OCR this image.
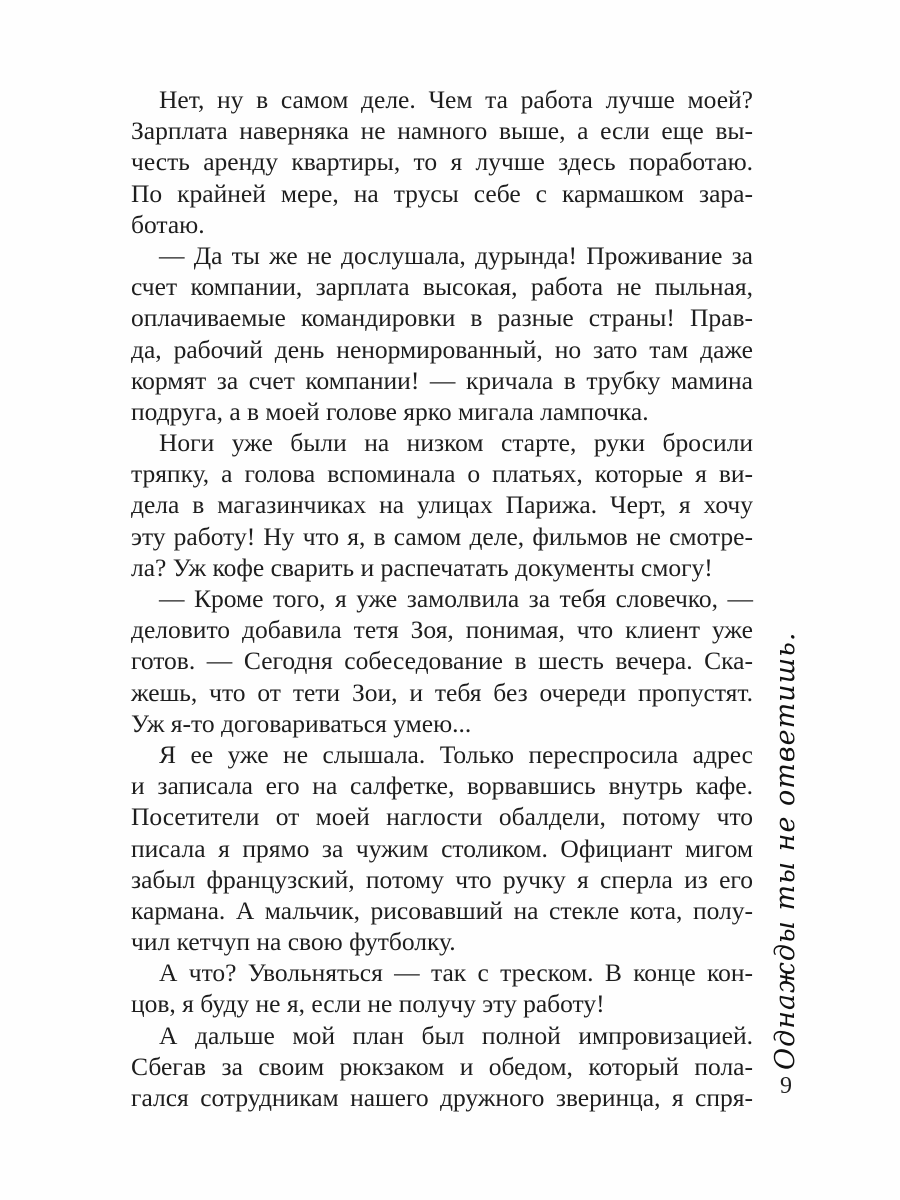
Нет, ну в самом деле. Чем та работа лучше моей?
Зарплата наверняка не намного выше, а если еще вы-
честь аренду квартиры, то я лучше здесь поработаю.
По крайней мере, на трусы себе с кармашком зара-
ботаю.
— Да ты же не дослушала, дурында! Проживание за
счет компании, зарплата высокая, работа не пыльная,
оплачиваемые командировки в разные страны! Прав-
да, рабочий день ненормированный, но зато там даже
кормят за счет компании! — кричала в трубку мамина
подруга, а в моей голове ярко мигала лампочка.
Ноги уже были на низком старте, руки бросили
тряпку, а голова вспоминала о платьях, которые я ви-
дела в магазинчиках на улицах Парижа. Черт, я хочу
эту работу! Ну что я, в самом деле, фильмов не смотре-
ла? Уж кофе сварить и распечатать документы смогу!
— Кроме того, я уже замолвила за тебя словечко, —
деловито добавила тетя Зоя, понимая, что клиент уже
готов. — Сегодня собеседование в шесть вечера. Ска-
жешь, что от тети Зои, и тебя без очереди пропустят.
Уж я-то договариваться умею...
Я ее уже не слышала. Только переспросила адрес
и записала его на салфетке, ворвавшись внутрь кафе.
Посетители от моей наглости обалдели, потому что
писала я прямо за чужим столиком. Официант мигом
забыл французский, потому что ручку я сперла из его
кармана. А мальчик, рисовавший на стекле кота, полу-
чил кетчуп на свою футболку.
А что? Увольняться — так с треском. В конце кон-
цов, я буду не я, если не получу эту работу!
А дальше мой план был полной импровизацией.
Сбегав за своим рюкзаком и обедом, который пола-
гался сотрудникам нашего дружного зверинца, я спря-
Однажды ты не ответишь.
9
